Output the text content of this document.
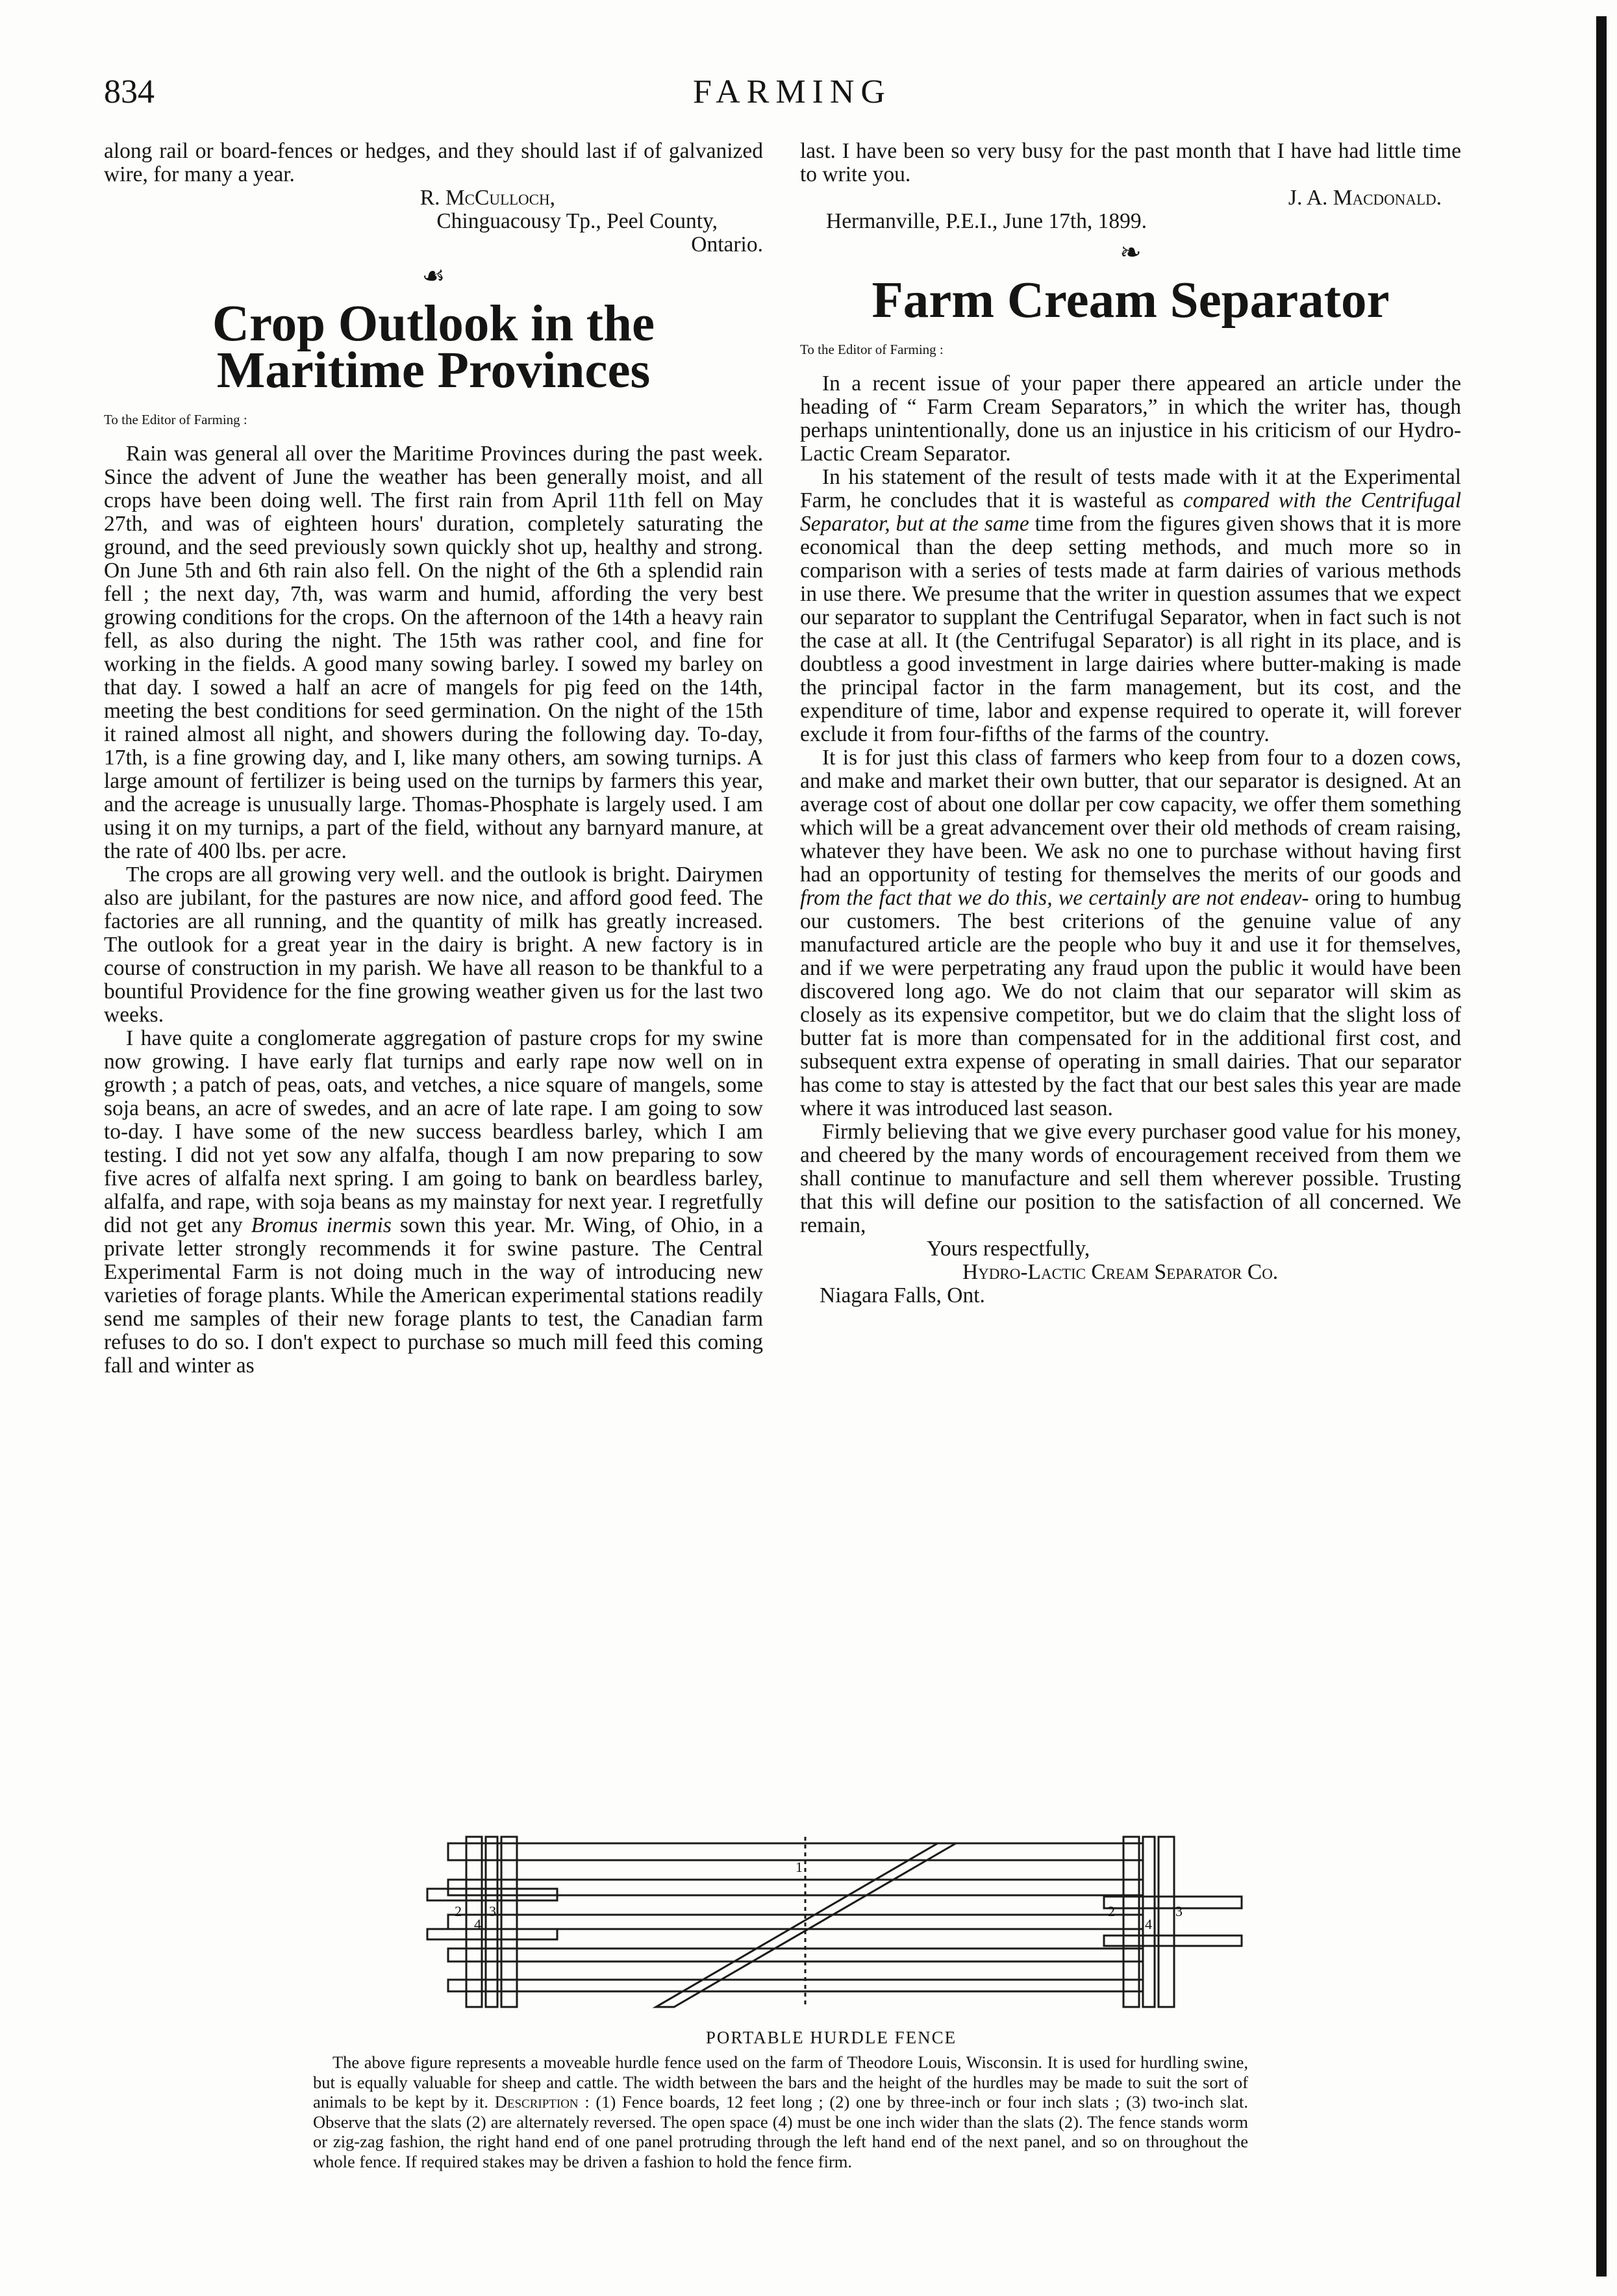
834	FARMING

along rail or board-fences or hedges, and they should last if of galvanized wire, for many a year.

R. McCulloch,

Chinguacousy Tp., Peel County,

Ontario.

☙
Crop Outlook in the Maritime Provinces

To the Editor of Farming :

Rain was general all over the Maritime Provinces during the past week. Since the advent of June the weather has been generally moist, and all crops have been doing well. The first rain from April 11th fell on May 27th, and was of eighteen hours' duration, completely saturating the ground, and the seed previously sown quickly shot up, healthy and strong. On June 5th and 6th rain also fell. On the night of the 6th a splendid rain fell ; the next day, 7th, was warm and humid, affording the very best growing conditions for the crops. On the afternoon of the 14th a heavy rain fell, as also during the night. The 15th was rather cool, and fine for working in the fields. A good many sowing barley. I sowed my barley on that day. I sowed a half an acre of mangels for pig feed on the 14th, meeting the best conditions for seed germination. On the night of the 15th it rained almost all night, and showers during the following day. To-day, 17th, is a fine growing day, and I, like many others, am sowing turnips. A large amount of fertilizer is being used on the turnips by farmers this year, and the acreage is unusually large. Thomas-Phosphate is largely used. I am using it on my turnips, a part of the field, without any barnyard manure, at the rate of 400 lbs. per acre.

The crops are all growing very well. and the outlook is bright. Dairymen also are jubilant, for the pastures are now nice, and afford good feed. The factories are all running, and the quantity of milk has greatly increased. The outlook for a great year in the dairy is bright. A new factory is in course of construction in my parish. We have all reason to be thankful to a bountiful Providence for the fine growing weather given us for the last two weeks.

I have quite a conglomerate aggregation of pasture crops for my swine now growing. I have early flat turnips and early rape now well on in growth ; a patch of peas, oats, and vetches, a nice square of mangels, some soja beans, an acre of swedes, and an acre of late rape. I am going to sow to-day. I have some of the new success beardless barley, which I am testing. I did not yet sow any alfalfa, though I am now preparing to sow five acres of alfalfa next spring. I am going to bank on beardless barley, alfalfa, and rape, with soja beans as my mainstay for next year. I regretfully did not get any Bromus inermis sown this year. Mr. Wing, of Ohio, in a private letter strongly recommends it for swine pasture. The Central Experimental Farm is not doing much in the way of introducing new varieties of forage plants. While the American experimental stations readily send me samples of their new forage plants to test, the Canadian farm refuses to do so. I don't expect to purchase so much mill feed this coming fall and winter as

last. I have been so very busy for the past month that I have had little time to write you.

J. A. Macdonald.

Hermanville, P.E.I., June 17th, 1899.

❧
Farm Cream Separator

To the Editor of Farming :

In a recent issue of your paper there appeared an article under the heading of “ Farm Cream Separators,” in which the writer has, though perhaps unintentionally, done us an injustice in his criticism of our Hydro-Lactic Cream Separator.

In his statement of the result of tests made with it at the Experimental Farm, he concludes that it is wasteful as compared with the Centrifugal Separator, but at the same time from the figures given shows that it is more economical than the deep setting methods, and much more so in comparison with a series of tests made at farm dairies of various methods in use there. We presume that the writer in question assumes that we expect our separator to supplant the Centrifugal Separator, when in fact such is not the case at all. It (the Centrifugal Separator) is all right in its place, and is doubtless a good investment in large dairies where butter-making is made the principal factor in the farm management, but its cost, and the expenditure of time, labor and expense required to operate it, will forever exclude it from four-fifths of the farms of the country.

It is for just this class of farmers who keep from four to a dozen cows, and make and market their own butter, that our separator is designed. At an average cost of about one dollar per cow capacity, we offer them something which will be a great advancement over their old methods of cream raising, whatever they have been. We ask no one to purchase without having first had an opportunity of testing for themselves the merits of our goods and from the fact that we do this, we certainly are not endeav- oring to humbug our customers. The best criterions of the genuine value of any manufactured article are the people who buy it and use it for themselves, and if we were perpetrating any fraud upon the public it would have been discovered long ago. We do not claim that our separator will skim as closely as its expensive competitor, but we do claim that the slight loss of butter fat is more than compensated for in the additional first cost, and subsequent extra expense of operating in small dairies. That our separator has come to stay is attested by the fact that our best sales this year are made where it was introduced last season.

Firmly believing that we give every purchaser good value for his money, and cheered by the many words of encouragement received from them we shall continue to manufacture and sell them wherever possible. Trusting that this will define our position to the satisfaction of all concerned. We remain,

Yours respectfully,

Hydro-Lactic Cream Separator Co.

Niagara Falls, Ont.

1
2
4
3	2
4
3
PORTABLE HURDLE FENCE
The above figure represents a moveable hurdle fence used on the farm of Theodore Louis, Wisconsin. It is used for hurdling swine, but is equally valuable for sheep and cattle. The width between the bars and the height of the hurdles may be made to suit the sort of animals to be kept by it. Description : (1) Fence boards, 12 feet long ; (2) one by three-inch or four inch slats ; (3) two-inch slat. Observe that the slats (2) are alternately reversed. The open space (4) must be one inch wider than the slats (2). The fence stands worm or zig-zag fashion, the right hand end of one panel protruding through the left hand end of the next panel, and so on throughout the whole fence. If required stakes may be driven a fashion to hold the fence firm.
